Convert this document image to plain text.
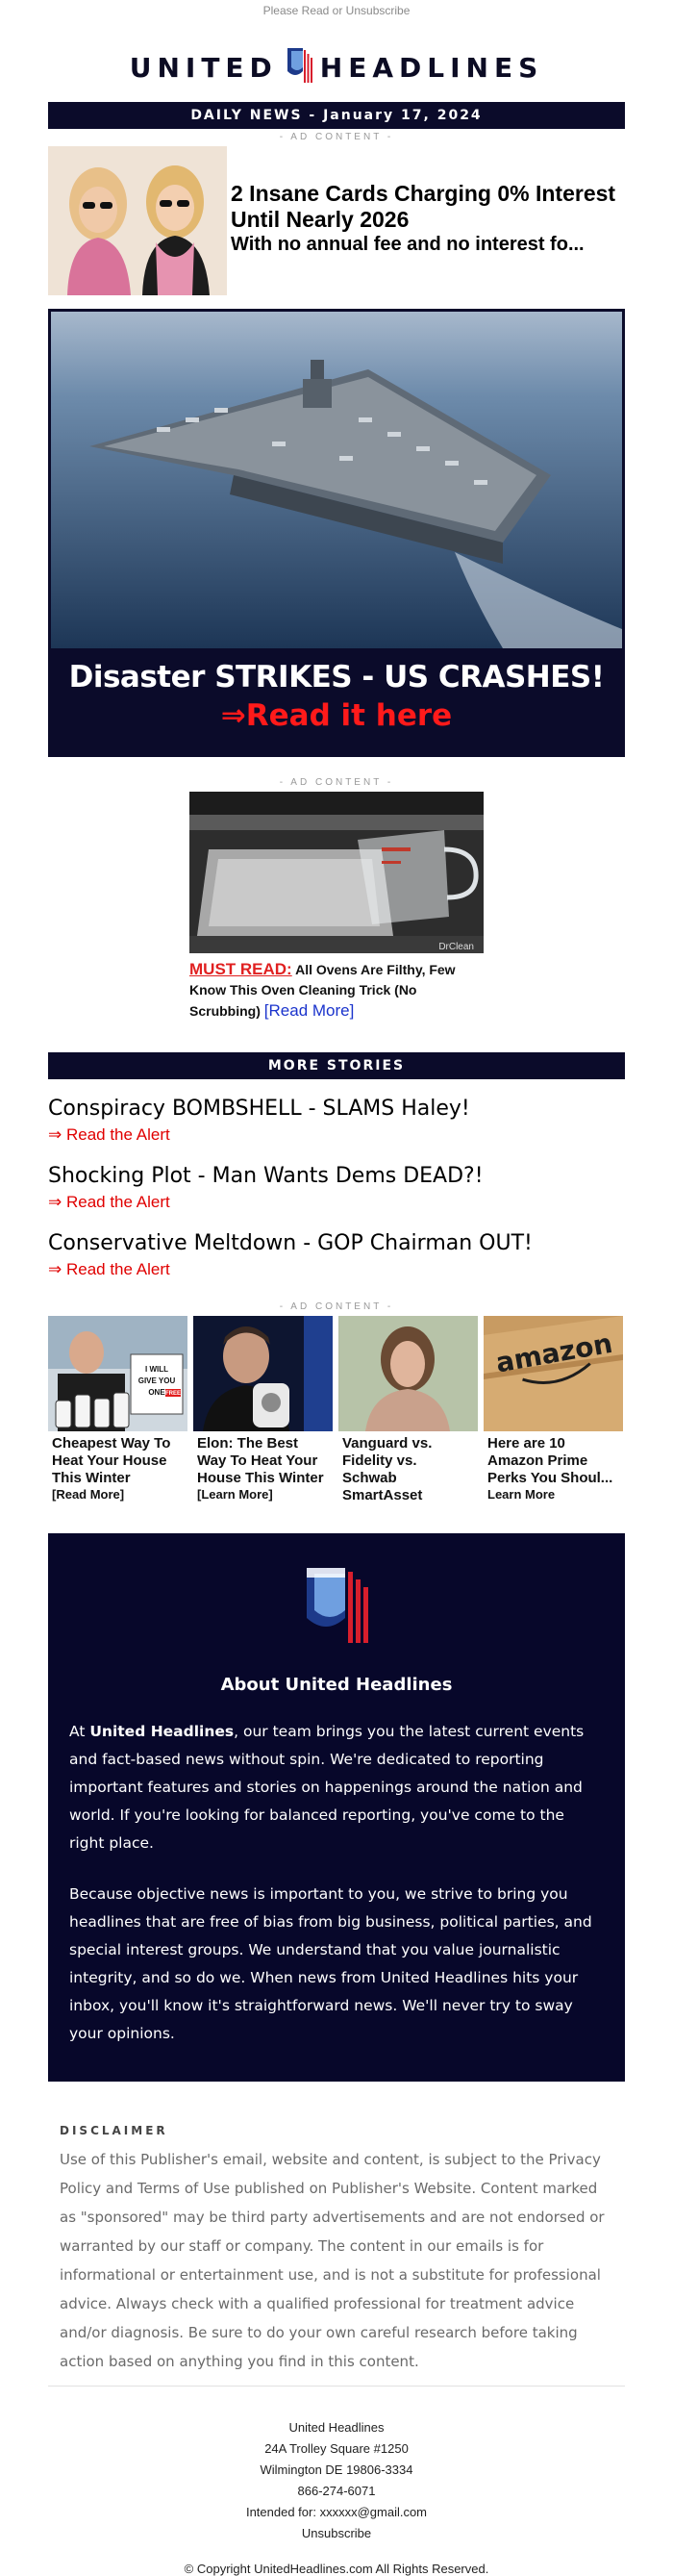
Please Read or Unsubscribe
UNITED HEADLINES
DAILY NEWS - January 17, 2024
- AD CONTENT -
2 Insane Cards Charging 0% Interest Until Nearly 2026
With no annual fee and no interest fo...
Disaster STRIKES - US CRASHES!
⇒Read it here
- AD CONTENT -
DrClean
MUST READ: All Ovens Are Filthy, Few Know This Oven Cleaning Trick (No Scrubbing) [Read More]
MORE STORIES
Conspiracy BOMBSHELL - SLAMS Haley!
⇒ Read the Alert
Shocking Plot - Man Wants Dems DEAD?!
⇒ Read the Alert
Conservative Meltdown - GOP Chairman OUT!
⇒ Read the Alert
- AD CONTENT -
I WILL
GIVE YOU
ONE FREE
Cheapest Way To Heat Your House This Winter
[Read More]
Elon: The Best Way To Heat Your House This Winter
[Learn More]
Vanguard vs. Fidelity vs. Schwab SmartAsset
amazon
Here are 10 Amazon Prime Perks You Shoul...
Learn More
About United Headlines

At United Headlines, our team brings you the latest current events and fact-based news without spin. We're dedicated to reporting important features and stories on happenings around the nation and world. If you're looking for balanced reporting, you've come to the right place.

Because objective news is important to you, we strive to bring you headlines that are free of bias from big business, political parties, and special interest groups. We understand that you value journalistic integrity, and so do we. When news from United Headlines hits your inbox, you'll know it's straightforward news. We'll never try to sway your opinions.

DISCLAIMER
Use of this Publisher's email, website and content, is subject to the Privacy Policy and Terms of Use published on Publisher's Website. Content marked as "sponsored" may be third party advertisements and are not endorsed or warranted by our staff or company. The content in our emails is for informational or entertainment use, and is not a substitute for professional advice. Always check with a qualified professional for treatment advice and/or diagnosis. Be sure to do your own careful research before taking action based on anything you find in this content.
United Headlines
24A Trolley Square #1250
Wilmington DE 19806-3334
866-274-6071
Intended for: xxxxxx@gmail.com
Unsubscribe
© Copyright UnitedHeadlines.com All Rights Reserved.
